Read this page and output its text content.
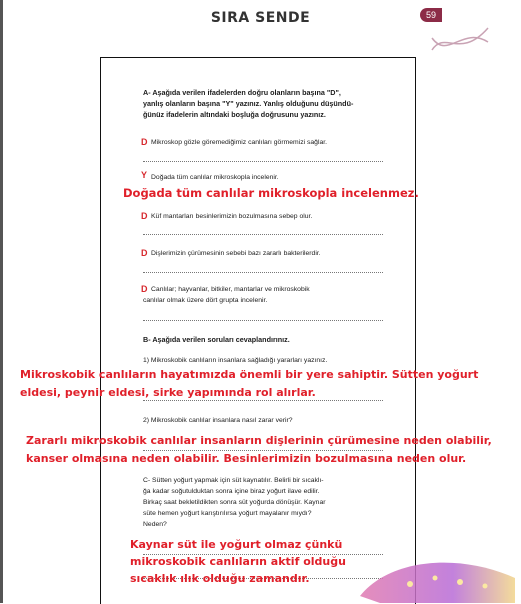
SIRA SENDE	59
A- Aşağıda verilen ifadelerden doğru olanların başına "D",
yanlış olanların başına "Y" yazınız. Yanlış olduğunu düşündü-
ğünüz ifadelerin altındaki boşluğa doğrusunu yazınız.
D Mikroskop gözle göremediğimiz canlıları görmemizi sağlar.
Y Doğada tüm canlılar mikroskopla incelenir.
D Küf mantarları besinlerimizin bozulmasına sebep olur.
D Dişlerimizin çürümesinin sebebi bazı zararlı bakterilerdir.
D Canlılar; hayvanlar, bitkiler, mantarlar ve mikroskobik
canlılar olmak üzere dört grupta incelenir.
B- Aşağıda verilen soruları cevaplandırınız.
1) Mikroskobik canlıların insanlara sağladığı yararları yazınız.
2) Mikroskobik canlılar insanlara nasıl zarar verir?
C- Sütten yoğurt yapmak için süt kaynatılır. Belirli bir sıcaklı-
ğa kadar soğutulduktan sonra içine biraz yoğurt ilave edilir.
Birkaç saat bekletildikten sonra süt yoğurda dönüşür. Kaynar
süte hemen yoğurt karıştırılırsa yoğurt mayalanır mıydı?
Neden?
Doğada tüm canlılar mikroskopla incelenmez.
Mikroskobik canlıların hayatımızda önemli bir yere sahiptir. Sütten yoğurt
eldesi, peynir eldesi, sirke yapımında rol alırlar.
Zararlı mikroskobik canlılar insanların dişlerinin çürümesine neden olabilir,
kanser olmasına neden olabilir. Besinlerimizin bozulmasına neden olur.
Kaynar süt ile yoğurt olmaz çünkü
mikroskobik canlıların aktif olduğu
sıcaklık ılık olduğu zamandır.
